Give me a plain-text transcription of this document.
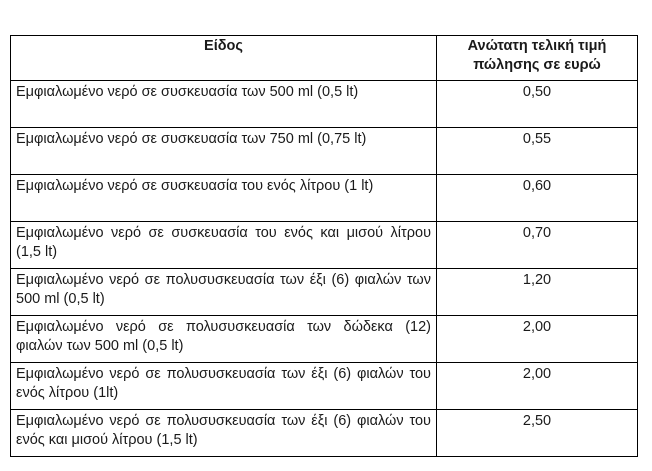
Είδος	Ανώτατη τελική τιμή πώλησης σε ευρώ
Εμφιαλωμένο νερό σε συσκευασία των 500 ml (0,5 lt)	0,50
Εμφιαλωμένο νερό σε συσκευασία των 750 ml (0,75 lt)	0,55
Εμφιαλωμένο νερό σε συσκευασία του ενός λίτρου (1 lt)	0,60
Εμφιαλωμένο νερό σε συσκευασία του ενός και μισού λίτρου (1,5 lt)	0,70
Εμφιαλωμένο νερό σε πολυσυσκευασία των έξι (6) φιαλών των 500 ml (0,5 lt)	1,20
Εμφιαλωμένο νερό σε πολυσυσκευασία των δώδεκα (12) φιαλών των 500 ml (0,5 lt)	2,00
Εμφιαλωμένο νερό σε πολυσυσκευασία των έξι (6) φιαλών του ενός λίτρου (1lt)	2,00
Εμφιαλωμένο νερό σε πολυσυσκευασία των έξι (6) φιαλών του ενός και μισού λίτρου (1,5 lt)	2,50
